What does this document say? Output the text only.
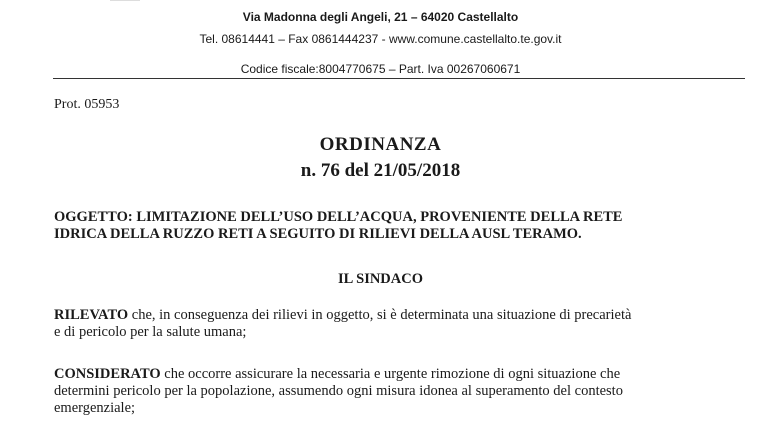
Via Madonna degli Angeli, 21 – 64020 Castellalto
Tel. 08614441 – Fax 0861444237 - www.comune.castellalto.te.gov.it
Codice fiscale:8004770675 – Part. Iva 00267060671
Prot. 05953
ORDINANZA
n. 76 del 21/05/2018
OGGETTO: LIMITAZIONE DELL’USO DELL’ACQUA, PROVENIENTE DELLA RETE
IDRICA DELLA RUZZO RETI A SEGUITO DI RILIEVI DELLA AUSL TERAMO.
IL SINDACO
RILEVATO che, in conseguenza dei rilievi in oggetto, si è determinata una situazione di precarietà
e di pericolo per la salute umana;
CONSIDERATO che occorre assicurare la necessaria e urgente rimozione di ogni situazione che
determini pericolo per la popolazione, assumendo ogni misura idonea al superamento del contesto
emergenziale;
